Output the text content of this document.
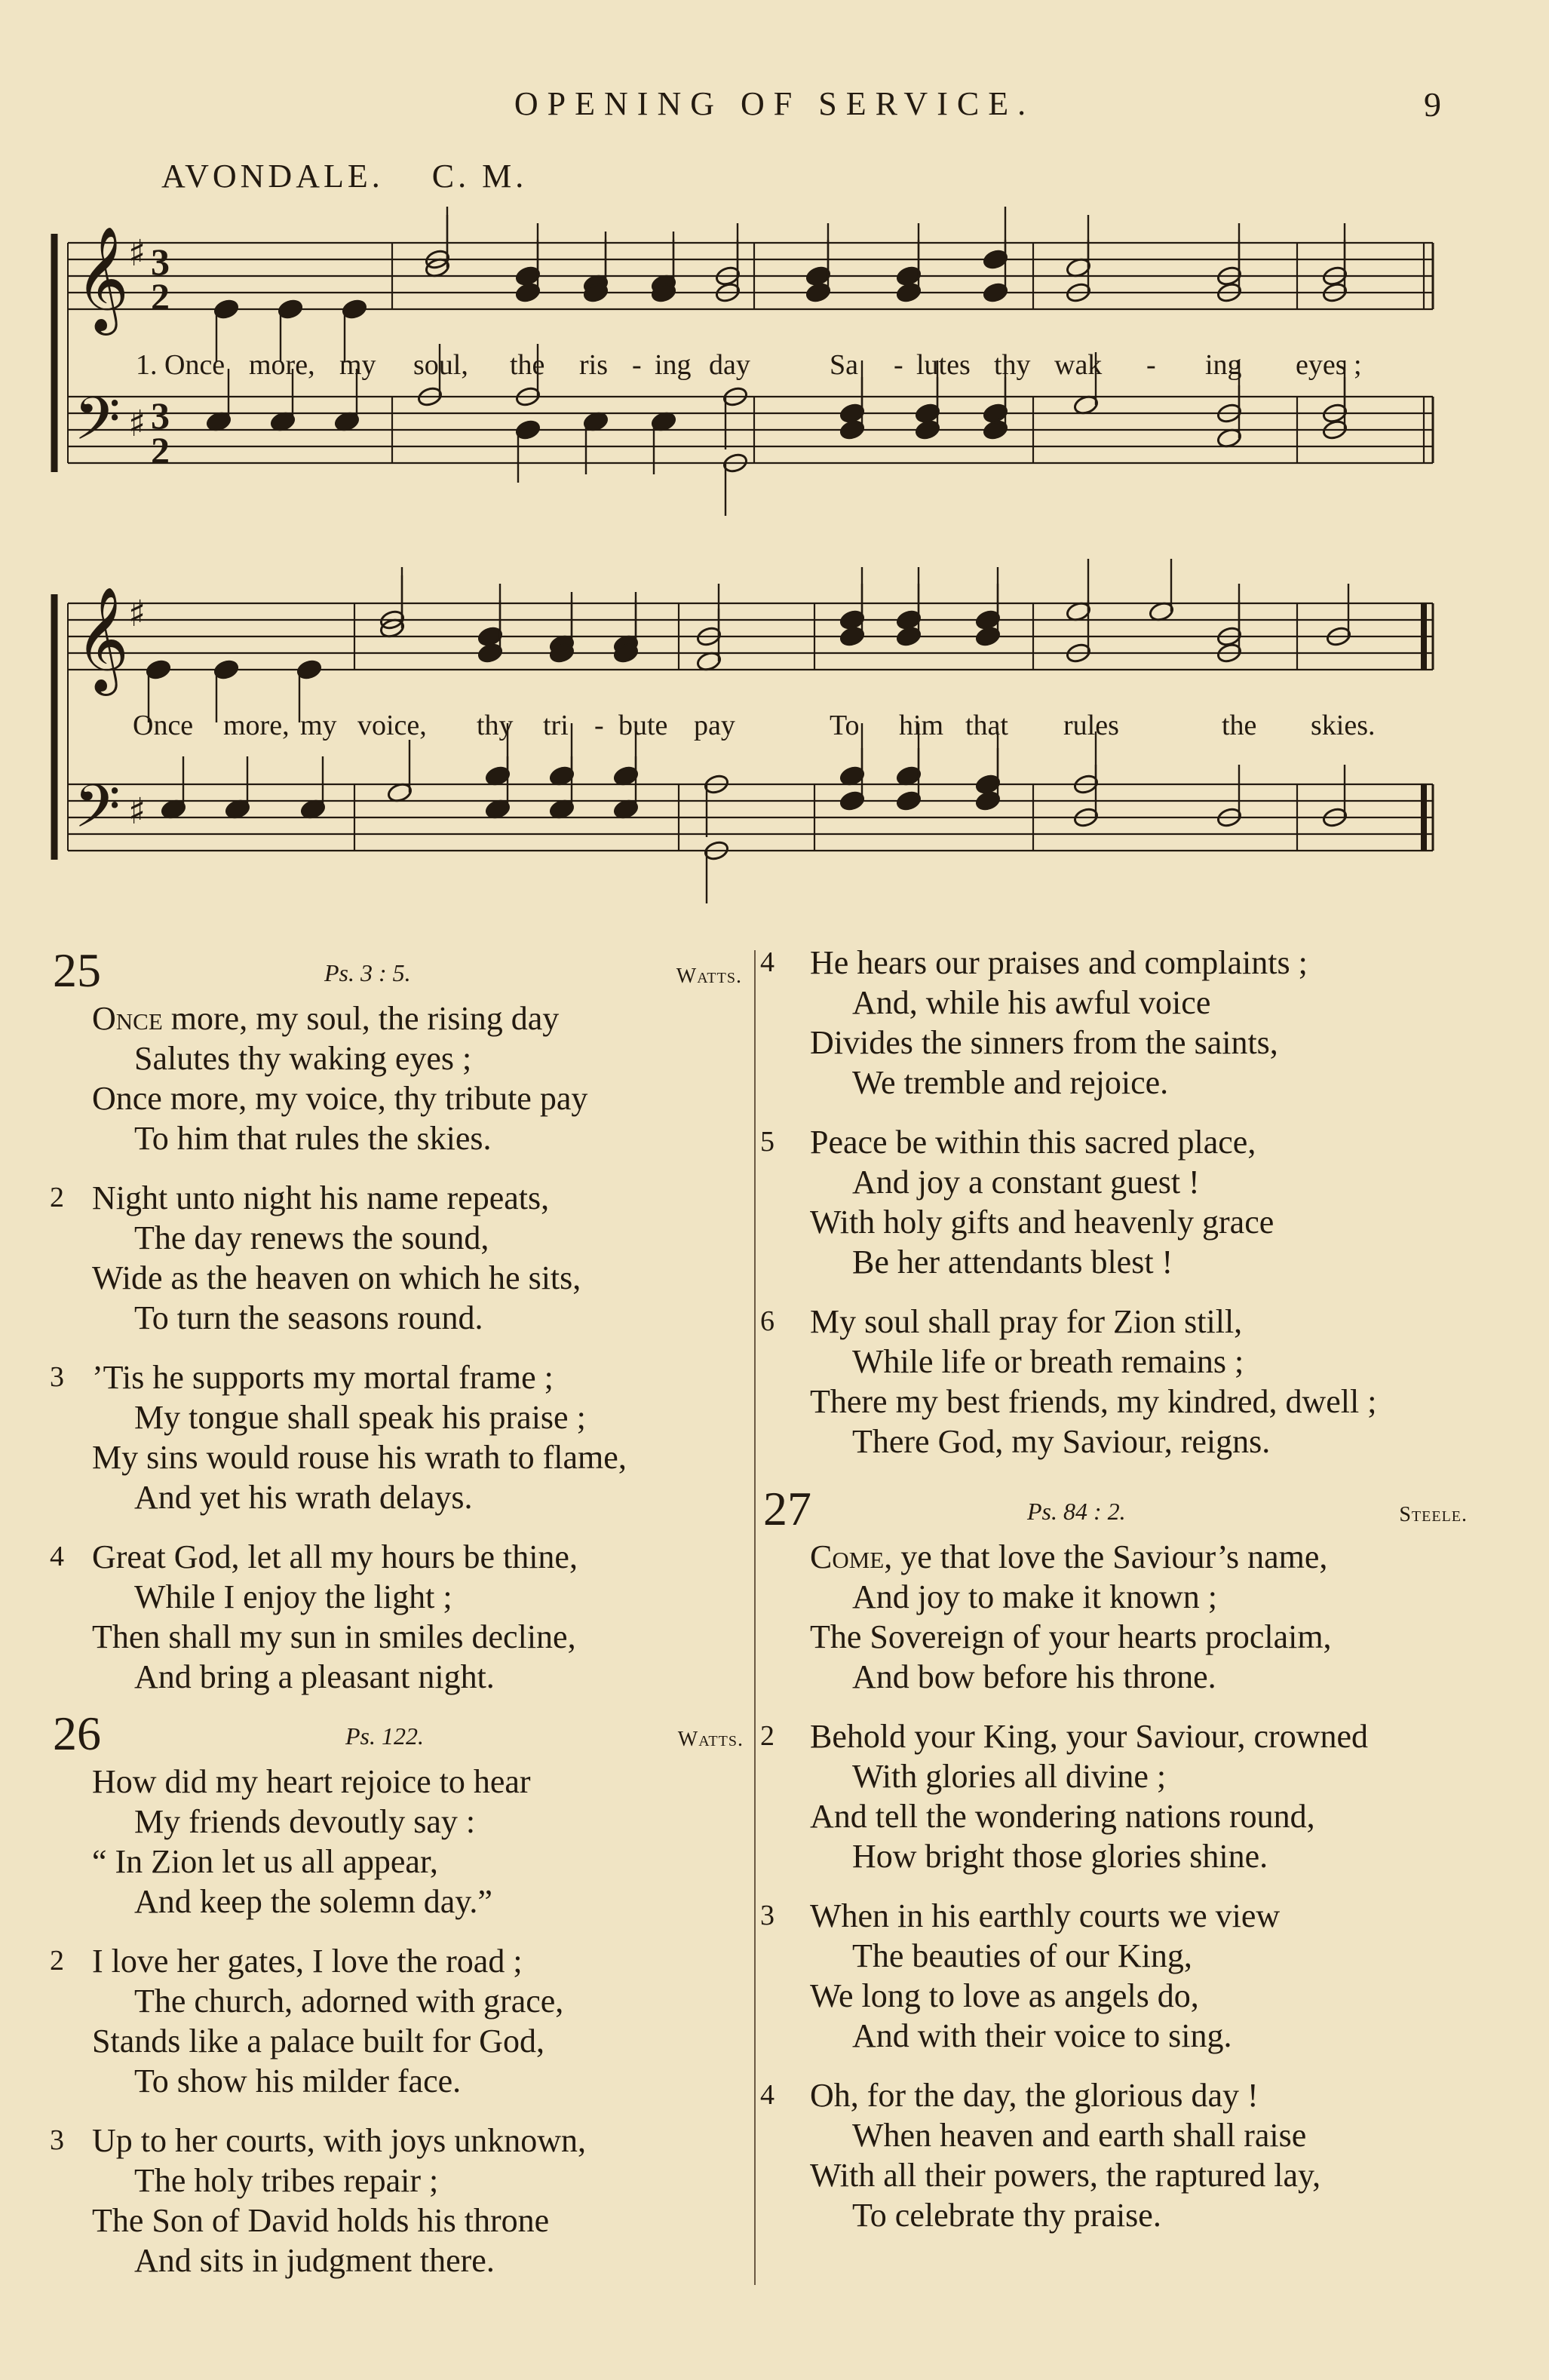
OPENING OF SERVICE.	9
AVONDALE. C. M.
𝄞 ♯ 3
2
𝄢 ♯ 3
2
𝄞 ♯
𝄢 ♯
1. Once more, my soul, the ris - ing day	Sa - lutes thy wak - ing eyes ;
Once more, my voice, thy tri - bute pay	To him that rules	the skies.
25	Ps. 3 : 5.	Watts.
Once more, my soul, the rising day
Salutes thy waking eyes ;
Once more, my voice, thy tribute pay
To him that rules the skies.
2 Night unto night his name repeats,
The day renews the sound,
Wide as the heaven on which he sits,
To turn the seasons round.
3 ’Tis he supports my mortal frame ;
My tongue shall speak his praise ;
My sins would rouse his wrath to flame,
And yet his wrath delays.
4 Great God, let all my hours be thine,
While I enjoy the light ;
Then shall my sun in smiles decline,
And bring a pleasant night.
26	Ps. 122.	Watts.
How did my heart rejoice to hear
My friends devoutly say :
“ In Zion let us all appear,
And keep the solemn day.”
2 I love her gates, I love the road ;
The church, adorned with grace,
Stands like a palace built for God,
To show his milder face.
3 Up to her courts, with joys unknown,
The holy tribes repair ;
The Son of David holds his throne
And sits in judgment there.
4	He hears our praises and complaints ;
And, while his awful voice
Divides the sinners from the saints,
We tremble and rejoice.
5	Peace be within this sacred place,
And joy a constant guest !
With holy gifts and heavenly grace
Be her attendants blest !
6	My soul shall pray for Zion still,
While life or breath remains ;
There my best friends, my kindred, dwell ;
There God, my Saviour, reigns.
27	Ps. 84 : 2.	Steele.
Come, ye that love the Saviour’s name,
And joy to make it known ;
The Sovereign of your hearts proclaim,
And bow before his throne.
2	Behold your King, your Saviour, crowned
With glories all divine ;
And tell the wondering nations round,
How bright those glories shine.
3	When in his earthly courts we view
The beauties of our King,
We long to love as angels do,
And with their voice to sing.
4	Oh, for the day, the glorious day !
When heaven and earth shall raise
With all their powers, the raptured lay,
To celebrate thy praise.
